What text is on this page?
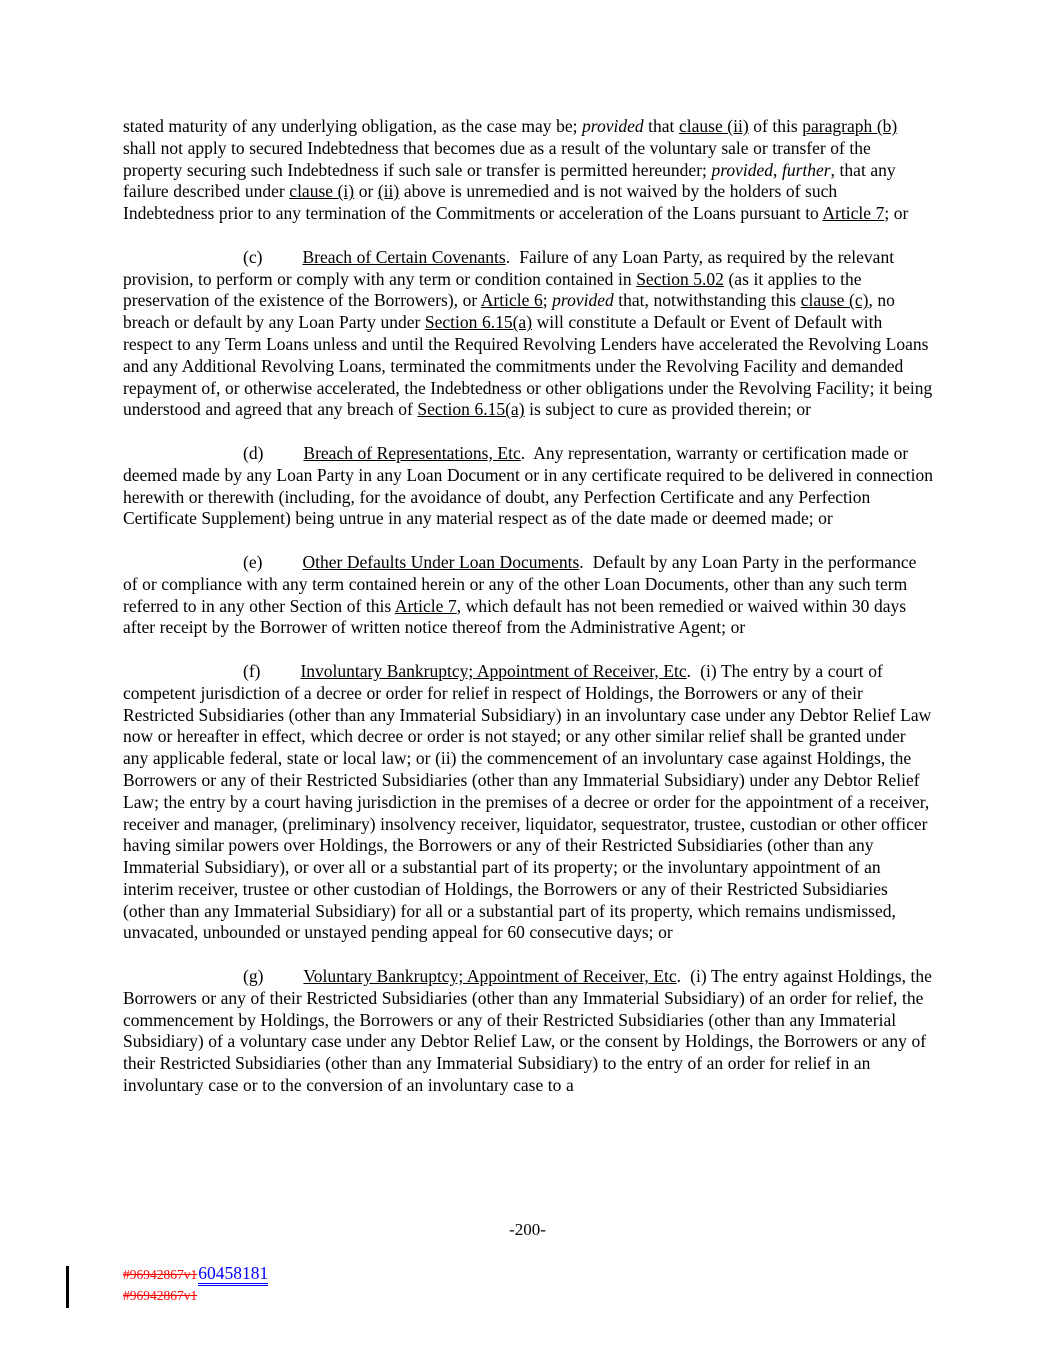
stated maturity of any underlying obligation, as the case may be; provided that clause (ii) of this paragraph (b) shall not apply to secured Indebtedness that becomes due as a result of the voluntary sale or transfer of the property securing such Indebtedness if such sale or transfer is permitted hereunder; provided, further, that any failure described under clause (i) or (ii) above is unremedied and is not waived by the holders of such Indebtedness prior to any termination of the Commitments or acceleration of the Loans pursuant to Article 7; or

(c) Breach of Certain Covenants.  Failure of any Loan Party, as required by the relevant provision, to perform or comply with any term or condition contained in Section 5.02 (as it applies to the preservation of the existence of the Borrowers), or Article 6; provided that, notwithstanding this clause (c), no breach or default by any Loan Party under Section 6.15(a) will constitute a Default or Event of Default with respect to any Term Loans unless and until the Required Revolving Lenders have accelerated the Revolving Loans and any Additional Revolving Loans, terminated the commitments under the Revolving Facility and demanded repayment of, or otherwise accelerated, the Indebtedness or other obligations under the Revolving Facility; it being understood and agreed that any breach of Section 6.15(a) is subject to cure as provided therein; or

(d) Breach of Representations, Etc.  Any representation, warranty or certification made or deemed made by any Loan Party in any Loan Document or in any certificate required to be delivered in connection herewith or therewith (including, for the avoidance of doubt, any Perfection Certificate and any Perfection Certificate Supplement) being untrue in any material respect as of the date made or deemed made; or

(e) Other Defaults Under Loan Documents.  Default by any Loan Party in the performance of or compliance with any term contained herein or any of the other Loan Documents, other than any such term referred to in any other Section of this Article 7, which default has not been remedied or waived within 30 days after receipt by the Borrower of written notice thereof from the Administrative Agent; or

(f) Involuntary Bankruptcy; Appointment of Receiver, Etc.  (i) The entry by a court of competent jurisdiction of a decree or order for relief in respect of Holdings, the Borrowers or any of their Restricted Subsidiaries (other than any Immaterial Subsidiary) in an involuntary case under any Debtor Relief Law now or hereafter in effect, which decree or order is not stayed; or any other similar relief shall be granted under any applicable federal, state or local law; or (ii) the commencement of an involuntary case against Holdings, the Borrowers or any of their Restricted Subsidiaries (other than any Immaterial Subsidiary) under any Debtor Relief Law; the entry by a court having jurisdiction in the premises of a decree or order for the appointment of a receiver, receiver and manager, (preliminary) insolvency receiver, liquidator, sequestrator, trustee, custodian or other officer having similar powers over Holdings, the Borrowers or any of their Restricted Subsidiaries (other than any Immaterial Subsidiary), or over all or a substantial part of its property; or the involuntary appointment of an interim receiver, trustee or other custodian of Holdings, the Borrowers or any of their Restricted Subsidiaries (other than any Immaterial Subsidiary) for all or a substantial part of its property, which remains undismissed, unvacated, unbounded or unstayed pending appeal for 60 consecutive days; or

(g) Voluntary Bankruptcy; Appointment of Receiver, Etc.  (i) The entry against Holdings, the Borrowers or any of their Restricted Subsidiaries (other than any Immaterial Subsidiary) of an order for relief, the commencement by Holdings, the Borrowers or any of their Restricted Subsidiaries (other than any Immaterial Subsidiary) of a voluntary case under any Debtor Relief Law, or the consent by Holdings, the Borrowers or any of their Restricted Subsidiaries (other than any Immaterial Subsidiary) to the entry of an order for relief in an involuntary case or to the conversion of an involuntary case to a

-200-
#96942867v160458181
#96942867v1
